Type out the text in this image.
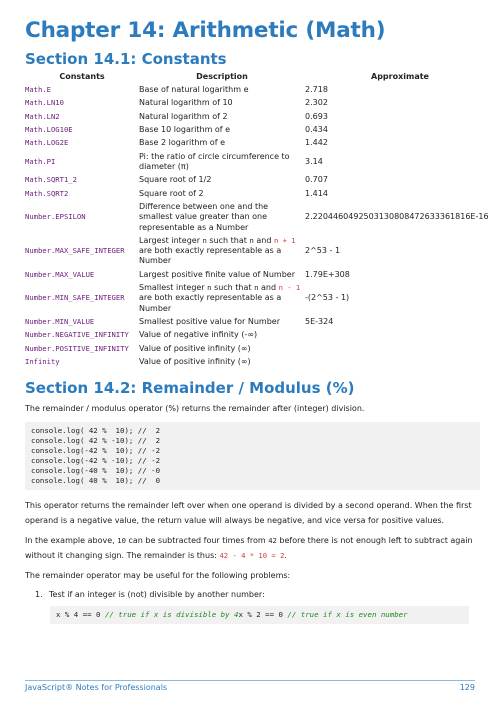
Chapter 14: Arithmetic (Math)
Section 14.1: Constants
Constants	Description	Approximate
Math.E	Base of natural logarithm e	2.718
Math.LN10	Natural logarithm of 10	2.302
Math.LN2	Natural logarithm of 2	0.693
Math.LOG10E	Base 10 logarithm of e	0.434
Math.LOG2E	Base 2 logarithm of e	1.442
Math.PI	Pi: the ratio of circle circumference to diameter (π)	3.14
Math.SQRT1_2	Square root of 1/2	0.707
Math.SQRT2	Square root of 2	1.414
Number.EPSILON	Difference between one and the smallest value greater than one representable as a Number	2.2204460492503130808472633361816E-16
Number.MAX_SAFE_INTEGER	Largest integer n such that n and n + 1 are both exactly representable as a Number	2^53 - 1
Number.MAX_VALUE	Largest positive finite value of Number	1.79E+308
Number.MIN_SAFE_INTEGER	Smallest integer n such that n and n - 1 are both exactly representable as a Number	-(2^53 - 1)
Number.MIN_VALUE	Smallest positive value for Number	5E-324
Number.NEGATIVE_INFINITY	Value of negative infinity (-∞)	
Number.POSITIVE_INFINITY	Value of positive infinity (∞)	
Infinity	Value of positive infinity (∞)	
Section 14.2: Remainder / Modulus (%)

The remainder / modulus operator (%) returns the remainder after (integer) division.

console.log( 42 %  10); //  2
console.log( 42 % -10); //  2
console.log(-42 %  10); // -2
console.log(-42 % -10); // -2
console.log(-40 %  10); // -0
console.log( 40 %  10); //  0

This operator returns the remainder left over when one operand is divided by a second operand. When the first operand is a negative value, the return value will always be negative, and vice versa for positive values.

In the example above, 10 can be subtracted four times from 42 before there is not enough left to subtract again without it changing sign. The remainder is thus: 42 - 4 * 10 = 2.

The remainder operator may be useful for the following problems:

1. Test if an integer is (not) divisible by another number:
x % 4 == 0 // true if x is divisible by 4x % 2 == 0 // true if x is even number
JavaScript® Notes for Professionals	129
